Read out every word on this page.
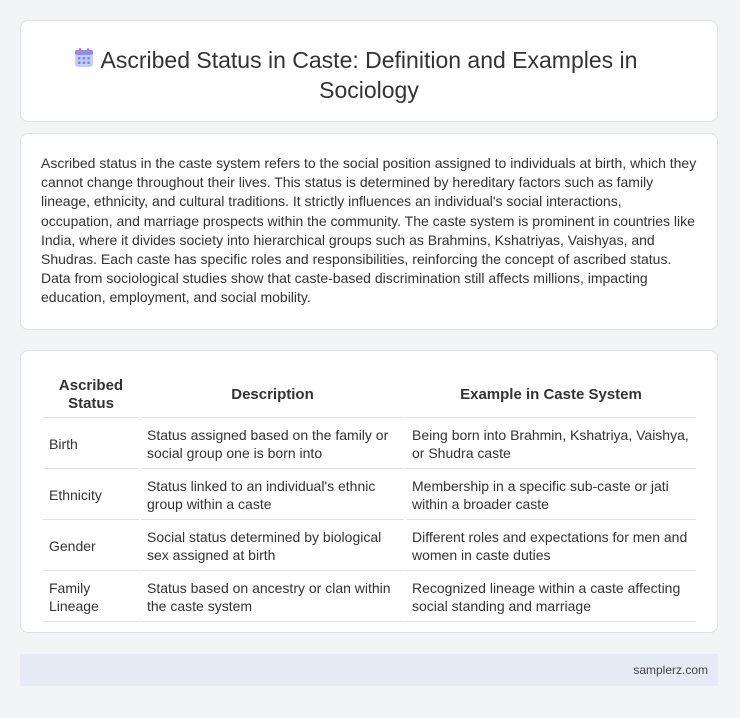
Ascribed Status in Caste: Definition and Examples in Sociology

Ascribed status in the caste system refers to the social position assigned to individuals at birth, which they cannot change throughout their lives. This status is determined by hereditary factors such as family lineage, ethnicity, and cultural traditions. It strictly influences an individual's social interactions, occupation, and marriage prospects within the community. The caste system is prominent in countries like India, where it divides society into hierarchical groups such as Brahmins, Kshatriyas, Vaishyas, and Shudras. Each caste has specific roles and responsibilities, reinforcing the concept of ascribed status. Data from sociological studies show that caste-based discrimination still affects millions, impacting education, employment, and social mobility.

Ascribed Status	Description	Example in Caste System
Birth	Status assigned based on the family or social group one is born into	Being born into Brahmin, Kshatriya, Vaishya, or Shudra caste
Ethnicity	Status linked to an individual's ethnic group within a caste	Membership in a specific sub-caste or jati within a broader caste
Gender	Social status determined by biological sex assigned at birth	Different roles and expectations for men and women in caste duties
Family Lineage	Status based on ancestry or clan within the caste system	Recognized lineage within a caste affecting social standing and marriage
samplerz.com
